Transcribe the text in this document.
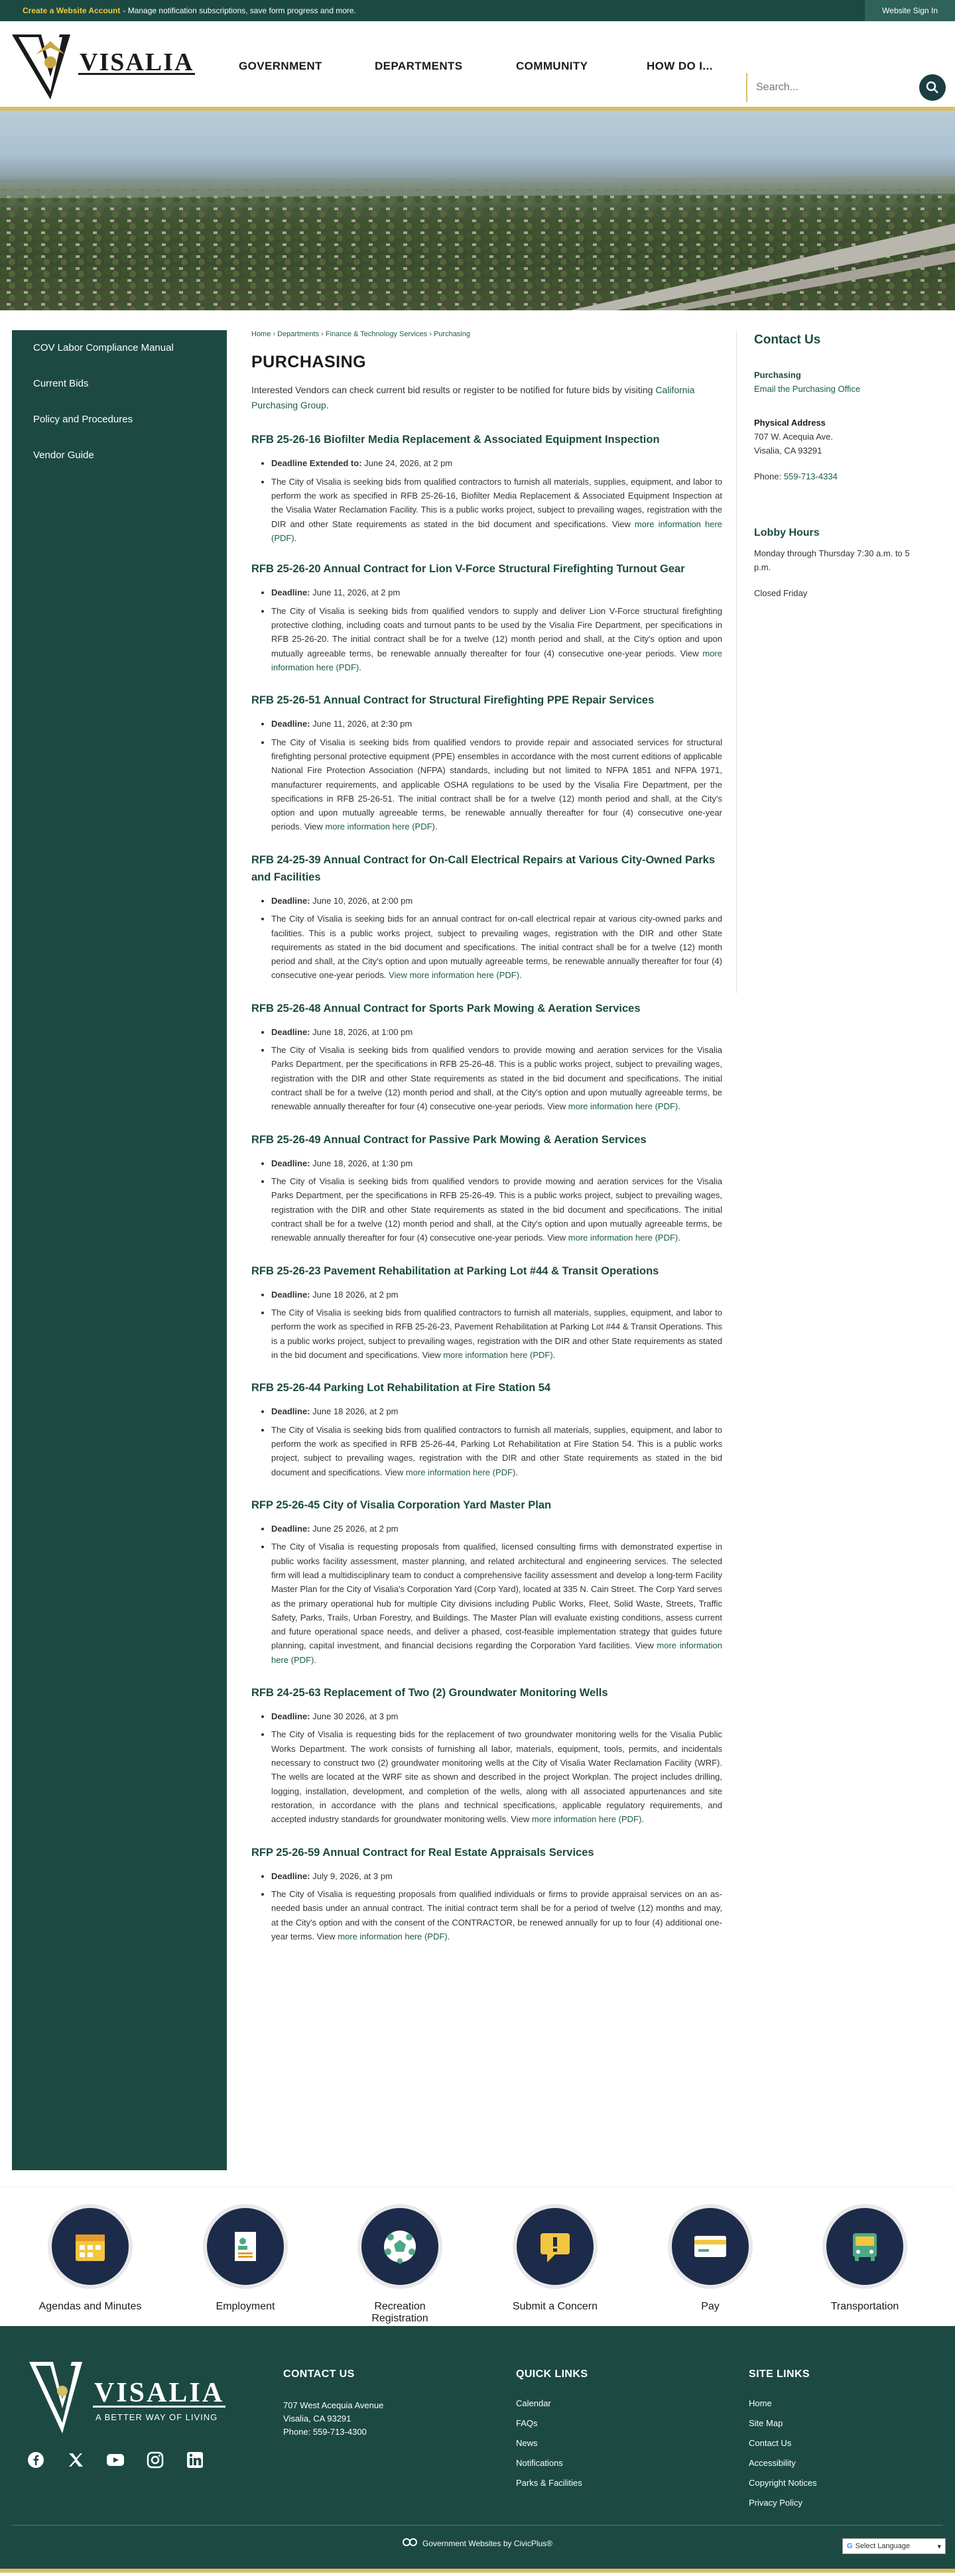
Create a Website Account - Manage notification subscriptions, save form progress and more.	Website Sign In
VISALIA	GOVERNMENT	DEPARTMENTS	COMMUNITY	HOW DO I...
Search...
COV Labor Compliance Manual
Current Bids
Policy and Procedures
Vendor Guide
Home › Departments › Finance & Technology Services › Purchasing
PURCHASING

Interested Vendors can check current bid results or register to be notified for future bids by visiting California Purchasing Group.

RFB 25-26-16 Biofilter Media Replacement & Associated Equipment Inspection
• Deadline Extended to: June 24, 2026, at 2 pm
• The City of Visalia is seeking bids from qualified contractors to furnish all materials, supplies, equipment, and labor to perform the work as specified in RFB 25-26-16, Biofilter Media Replacement & Associated Equipment Inspection at the Visalia Water Reclamation Facility. This is a public works project, subject to prevailing wages, registration with the DIR and other State requirements as stated in the bid document and specifications. View more information here (PDF).
RFB 25-26-20 Annual Contract for Lion V-Force Structural Firefighting Turnout Gear
• Deadline: June 11, 2026, at 2 pm
• The City of Visalia is seeking bids from qualified vendors to supply and deliver Lion V-Force structural firefighting protective clothing, including coats and turnout pants to be used by the Visalia Fire Department, per specifications in RFB 25-26-20. The initial contract shall be for a twelve (12) month period and shall, at the City's option and upon mutually agreeable terms, be renewable annually thereafter for four (4) consecutive one-year periods. View more information here (PDF).
RFB 25-26-51 Annual Contract for Structural Firefighting PPE Repair Services
• Deadline: June 11, 2026, at 2:30 pm
• The City of Visalia is seeking bids from qualified vendors to provide repair and associated services for structural firefighting personal protective equipment (PPE) ensembles in accordance with the most current editions of applicable National Fire Protection Association (NFPA) standards, including but not limited to NFPA 1851 and NFPA 1971, manufacturer requirements, and applicable OSHA regulations to be used by the Visalia Fire Department, per the specifications in RFB 25-26-51. The initial contract shall be for a twelve (12) month period and shall, at the City's option and upon mutually agreeable terms, be renewable annually thereafter for four (4) consecutive one-year periods. View more information here (PDF).
RFB 24-25-39 Annual Contract for On-Call Electrical Repairs at Various City-Owned Parks and Facilities
• Deadline: June 10, 2026, at 2:00 pm
• The City of Visalia is seeking bids for an annual contract for on-call electrical repair at various city-owned parks and facilities. This is a public works project, subject to prevailing wages, registration with the DIR and other State requirements as stated in the bid document and specifications. The initial contract shall be for a twelve (12) month period and shall, at the City's option and upon mutually agreeable terms, be renewable annually thereafter for four (4) consecutive one-year periods. View more information here (PDF).
RFB 25-26-48 Annual Contract for Sports Park Mowing & Aeration Services
• Deadline: June 18, 2026, at 1:00 pm
• The City of Visalia is seeking bids from qualified vendors to provide mowing and aeration services for the Visalia Parks Department, per the specifications in RFB 25-26-48. This is a public works project, subject to prevailing wages, registration with the DIR and other State requirements as stated in the bid document and specifications. The initial contract shall be for a twelve (12) month period and shall, at the City's option and upon mutually agreeable terms, be renewable annually thereafter for four (4) consecutive one-year periods. View more information here (PDF).
RFB 25-26-49 Annual Contract for Passive Park Mowing & Aeration Services
• Deadline: June 18, 2026, at 1:30 pm
• The City of Visalia is seeking bids from qualified vendors to provide mowing and aeration services for the Visalia Parks Department, per the specifications in RFB 25-26-49. This is a public works project, subject to prevailing wages, registration with the DIR and other State requirements as stated in the bid document and specifications. The initial contract shall be for a twelve (12) month period and shall, at the City's option and upon mutually agreeable terms, be renewable annually thereafter for four (4) consecutive one-year periods. View more information here (PDF).
RFB 25-26-23 Pavement Rehabilitation at Parking Lot #44 & Transit Operations
• Deadline: June 18 2026, at 2 pm
• The City of Visalia is seeking bids from qualified contractors to furnish all materials, supplies, equipment, and labor to perform the work as specified in RFB 25-26-23, Pavement Rehabilitation at Parking Lot #44 & Transit Operations. This is a public works project, subject to prevailing wages, registration with the DIR and other State requirements as stated in the bid document and specifications. View more information here (PDF).
RFB 25-26-44 Parking Lot Rehabilitation at Fire Station 54
• Deadline: June 18 2026, at 2 pm
• The City of Visalia is seeking bids from qualified contractors to furnish all materials, supplies, equipment, and labor to perform the work as specified in RFB 25-26-44, Parking Lot Rehabilitation at Fire Station 54. This is a public works project, subject to prevailing wages, registration with the DIR and other State requirements as stated in the bid document and specifications. View more information here (PDF).
RFP 25-26-45 City of Visalia Corporation Yard Master Plan
• Deadline: June 25 2026, at 2 pm
• The City of Visalia is requesting proposals from qualified, licensed consulting firms with demonstrated expertise in public works facility assessment, master planning, and related architectural and engineering services. The selected firm will lead a multidisciplinary team to conduct a comprehensive facility assessment and develop a long-term Facility Master Plan for the City of Visalia's Corporation Yard (Corp Yard), located at 335 N. Cain Street. The Corp Yard serves as the primary operational hub for multiple City divisions including Public Works, Fleet, Solid Waste, Streets, Traffic Safety, Parks, Trails, Urban Forestry, and Buildings. The Master Plan will evaluate existing conditions, assess current and future operational space needs, and deliver a phased, cost-feasible implementation strategy that guides future planning, capital investment, and financial decisions regarding the Corporation Yard facilities. View more information here (PDF).
RFB 24-25-63 Replacement of Two (2) Groundwater Monitoring Wells
• Deadline: June 30 2026, at 3 pm
• The City of Visalia is requesting bids for the replacement of two groundwater monitoring wells for the Visalia Public Works Department. The work consists of furnishing all labor, materials, equipment, tools, permits, and incidentals necessary to construct two (2) groundwater monitoring wells at the City of Visalia Water Reclamation Facility (WRF). The wells are located at the WRF site as shown and described in the project Workplan. The project includes drilling, logging, installation, development, and completion of the wells, along with all associated appurtenances and site restoration, in accordance with the plans and technical specifications, applicable regulatory requirements, and accepted industry standards for groundwater monitoring wells. View more information here (PDF).
RFP 25-26-59 Annual Contract for Real Estate Appraisals Services
• Deadline: July 9, 2026, at 3 pm
• The City of Visalia is requesting proposals from qualified individuals or firms to provide appraisal services on an as-needed basis under an annual contract. The initial contract term shall be for a period of twelve (12) months and may, at the City's option and with the consent of the CONTRACTOR, be renewed annually for up to four (4) additional one-year terms. View more information here (PDF).
Contact Us
Purchasing
Email the Purchasing Office
Physical Address
707 W. Acequia Ave.
Visalia, CA 93291
Phone: 559-713-4334
Lobby Hours
Monday through Thursday 7:30 a.m. to 5 p.m.
Closed Friday
Agendas and Minutes	Employment	Recreation Registration
Submit a Concern	Pay	Transportation
VISALIA
A BETTER WAY OF LIVING
CONTACT US
707 West Acequia Avenue
Visalia, CA 93291
Phone: 559-713-4300
QUICK LINKS
Calendar
FAQs
News
Notifications
Parks & Facilities
SITE LINKS
Home
Site Map
Contact Us
Accessibility
Copyright Notices
Privacy Policy
Government Websites by CivicPlus®	G Select Language	▾
